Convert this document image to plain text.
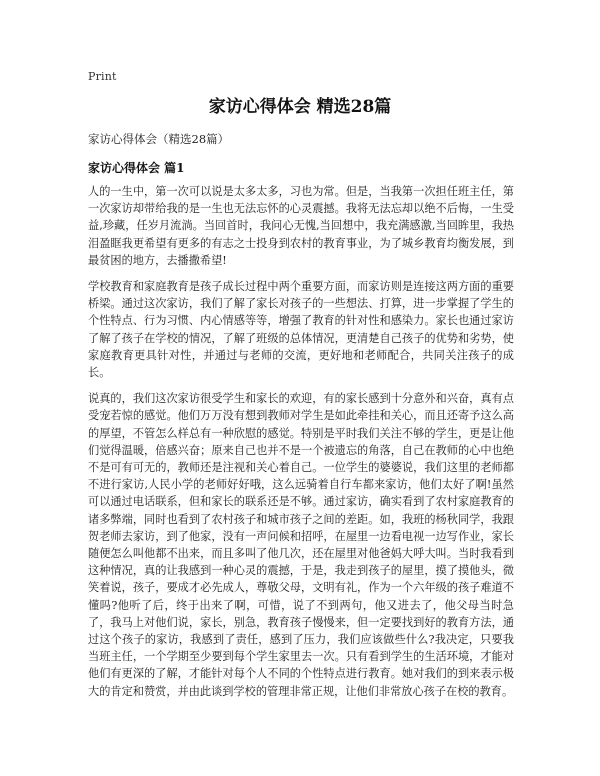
Print
家访心得体会 精选28篇
家访心得体会（精选28篇）
家访心得体会 篇1

人的一生中，第一次可以说是太多太多，习也为常。但是，当我第一次担任班主任，第一次家访却带给我的是一生也无法忘怀的心灵震撼。我将无法忘却以绝不后悔，一生受益,珍藏，任岁月流淌。当回首时，我问心无愧,当回想中，我充满感激,当回眸里，我热泪盈眶我更希望有更多的有志之士投身到农村的教育事业，为了城乡教育均衡发展，到最贫困的地方，去播撒希望!

学校教育和家庭教育是孩子成长过程中两个重要方面，而家访则是连接这两方面的重要桥梁。通过这次家访，我们了解了家长对孩子的一些想法、打算，进一步掌握了学生的个性特点、行为习惯、内心情感等等，增强了教育的针对性和感染力。家长也通过家访了解了孩子在学校的情况，了解了班级的总体情况，更清楚自己孩子的优势和劣势，使家庭教育更具针对性，并通过与老师的交流，更好地和老师配合，共同关注孩子的成长。

说真的，我们这次家访很受学生和家长的欢迎，有的家长感到十分意外和兴奋，真有点受宠若惊的感觉。他们万万没有想到教师对学生是如此牵挂和关心，而且还寄予这么高的厚望，不管怎么样总有一种欣慰的感觉。特别是平时我们关注不够的学生，更是让他们觉得温暖，倍感兴奋；原来自己也并不是一个被遗忘的角落，自己在教师的心中也绝不是可有可无的，教师还是注视和关心着自己。一位学生的婆婆说，我们这里的老师都不进行家访,人民小学的老师好好哦，这么远骑着自行车都来家访，他们太好了啊!虽然可以通过电话联系，但和家长的联系还是不够。通过家访，确实看到了农村家庭教育的诸多弊端，同时也看到了农村孩子和城市孩子之间的差距。如，我班的杨秋同学，我跟贺老师去家访，到了他家，没有一声问候和招呼，在屋里一边看电视一边写作业，家长随便怎么叫他都不出来，而且多叫了他几次，还在屋里对他爸妈大呼大叫。当时我看到这种情况，真的让我感到一种心灵的震撼，于是，我走到孩子的屋里，摸了摸他头，微笑着说，孩子，要成才必先成人，尊敬父母，文明有礼，作为一个六年级的孩子难道不懂吗?他听了后，终于出来了啊，可惜，说了不到两句，他又进去了，他父母当时急了，我马上对他们说，家长，别急，教育孩子慢慢来，但一定要找到好的教育方法，通过这个孩子的家访，我感到了责任，感到了压力，我们应该做些什么?我决定，只要我当班主任，一个学期至少要到每个学生家里去一次。只有看到学生的生活环境，才能对他们有更深的了解，才能针对每个人不同的个性特点进行教育。她对我们的到来表示极大的肯定和赞赏，并由此谈到学校的管理非常正规，让他们非常放心孩子在校的教育。
